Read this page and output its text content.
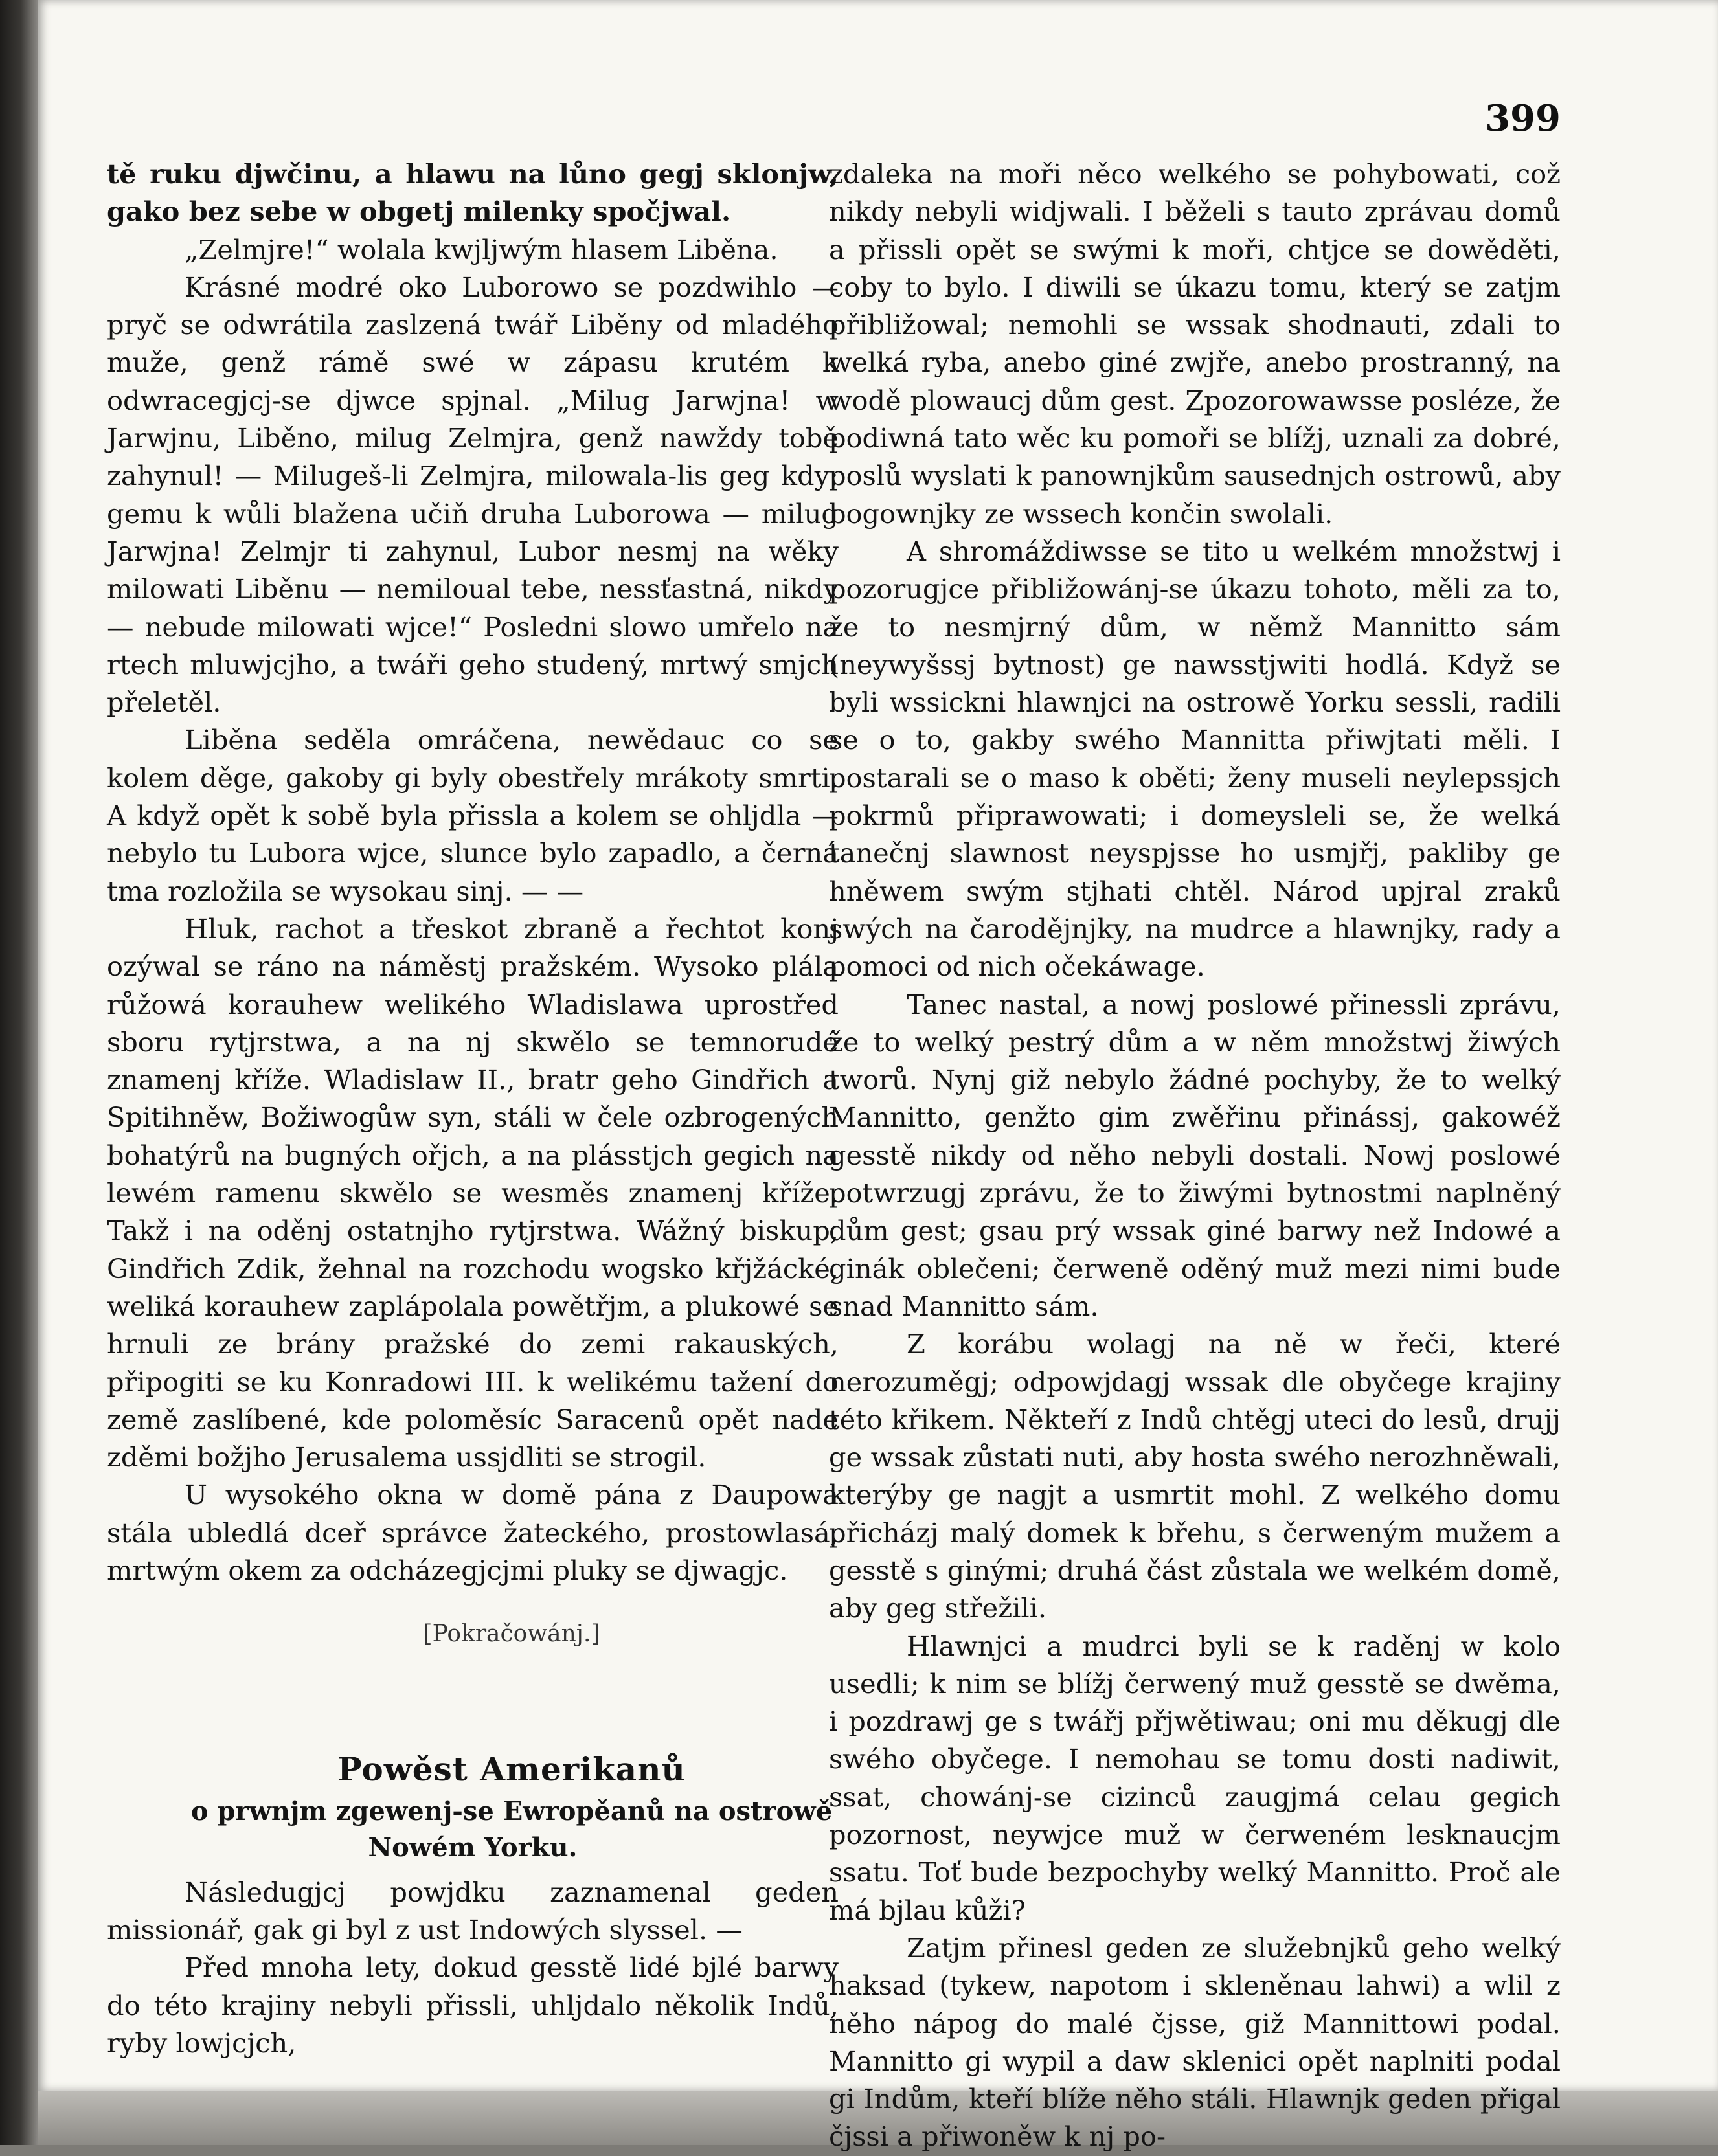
399

tě ruku djwčinu, a hlawu na lůno gegj sklonjw, gako bez sebe w obgetj milenky spočjwal.

„Zelmjre!“ wolala kwjljwým hlasem Liběna.

Krásné modré oko Luborowo se pozdwihlo — pryč se odwrátila zaslzená twář Liběny od mladého muže, genž rámě swé w zápasu krutém k odwracegjcj-se djwce spjnal. „Milug Jarwjna! w Jarwjnu, Liběno, milug Zelmjra, genž nawždy tobě zahynul! — Milugeš-li Zelmjra, milowala-lis geg kdy: gemu k wůli blažena učiň druha Luborowa — milug Jarwjna! Zelmjr ti zahynul, Lubor nesmj na wěky milowati Liběnu — nemiloual tebe, nessťastná, nikdy — nebude milowati wjce!“ Posledni slowo umřelo na rtech mluwjcjho, a twáři geho studený, mrtwý smjch přeletěl.

Liběna seděla omráčena, newědauc co se kolem děge, gakoby gi byly obestřely mrákoty smrti. A když opět k sobě byla přissla a kolem se ohljdla — nebylo tu Lubora wjce, slunce bylo zapadlo, a černá tma rozložila se wysokau sinj. — —

Hluk, rachot a třeskot zbraně a řechtot konj ozýwal se ráno na náměstj pražském. Wysoko plála růžowá korauhew welikého Wladislawa uprostřed sboru rytjrstwa, a na nj skwělo se temnorudé znamenj kříže. Wladislaw II., bratr geho Gindřich a Spitihněw, Božiwogůw syn, stáli w čele ozbrogených bohatýrů na bugných ořjch, a na plásstjch gegich na lewém ramenu skwělo se wesměs znamenj kříže. Takž i na oděnj ostatnjho rytjrstwa. Wážný biskup, Gindřich Zdik, žehnal na rozchodu wogsko křjžácké, weliká korauhew zaplápolala powětřjm, a plukowé se hrnuli ze brány pražské do zemi rakauských, připogiti se ku Konradowi III. k welikému tažení do země zaslíbené, kde poloměsíc Saracenů opět nade zděmi božjho Jerusalema ussjdliti se strogil.

U wysokého okna w domě pána z Daupowa stála ubledlá dceř správce žateckého, prostowlasá, mrtwým okem za odcházegjcjmi pluky se djwagjc.

[Pokračowánj.]

Powěst Amerikanů

o prwnjm zgewenj-se Ewropěanů na ostrowě Nowém Yorku.

Následugjcj powjdku zaznamenal geden missionář, gak gi byl z ust Indowých slyssel. —

Před mnoha lety, dokud gesstě lidé bjlé barwy do této krajiny nebyli přissli, uhljdalo několik Indů, ryby lowjcjch,

zdaleka na moři něco welkého se pohybowati, což nikdy nebyli widjwali. I běželi s tauto zprávau domů a přissli opět se swými k moři, chtjce se dowěděti, coby to bylo. I diwili se úkazu tomu, který se zatjm přibližowal; nemohli se wssak shodnauti, zdali to welká ryba, anebo giné zwjře, anebo prostranný, na wodě plowaucj dům gest. Zpozorowawsse posléze, že podiwná tato wěc ku pomoři se blížj, uznali za dobré, poslů wyslati k panownjkům sausednjch ostrowů, aby bogownjky ze wssech končin swolali.

A shromáždiwsse se tito u welkém množstwj i pozorugjce přibližowánj-se úkazu tohoto, měli za to, že to nesmjrný dům, w němž Mannitto sám (neywyšssj bytnost) ge nawsstjwiti hodlá. Když se byli wssickni hlawnjci na ostrowě Yorku sessli, radili se o to, gakby swého Mannitta přiwjtati měli. I postarali se o maso k oběti; ženy museli neylepssjch pokrmů připrawowati; i domeysleli se, že welká tanečnj slawnost neyspjsse ho usmjřj, pakliby ge hněwem swým stjhati chtěl. Národ upjral zraků swých na čarodějnjky, na mudrce a hlawnjky, rady a pomoci od nich očekáwage.

Tanec nastal, a nowj poslowé přinessli zprávu, že to welký pestrý dům a w něm množstwj žiwých tworů. Nynj giž nebylo žádné pochyby, že to welký Mannitto, genžto gim zwěřinu přinássj, gakowéž gesstě nikdy od něho nebyli dostali. Nowj poslowé potwrzugj zprávu, že to žiwými bytnostmi naplněný dům gest; gsau prý wssak giné barwy než Indowé a ginák oblečeni; čerweně oděný muž mezi nimi bude snad Mannitto sám.

Z korábu wolagj na ně w řeči, které nerozuměgj; odpowjdagj wssak dle obyčege krajiny této křikem. Někteří z Indů chtěgj uteci do lesů, drujj ge wssak zůstati nuti, aby hosta swého nerozhněwali, kterýby ge nagjt a usmrtit mohl. Z welkého domu přicházj malý domek k břehu, s čerweným mužem a gesstě s ginými; druhá část zůstala we welkém domě, aby geg střežili.

Hlawnjci a mudrci byli se k raděnj w kolo usedli; k nim se blížj čerwený muž gesstě se dwěma, i pozdrawj ge s twářj přjwětiwau; oni mu děkugj dle swého obyčege. I nemohau se tomu dosti nadiwit, ssat, chowánj-se cizinců zaugjmá celau gegich pozornost, neywjce muž w čerweném lesknaucjm ssatu. Toť bude bezpochyby welký Mannitto. Proč ale má bjlau kůži?

Zatjm přinesl geden ze služebnjků geho welký haksad (tykew, napotom i skleněnau lahwi) a wlil z něho nápog do malé čjsse, giž Mannittowi podal. Mannitto gi wypil a daw sklenici opět naplniti podal gi Indům, kteří blíže něho stáli. Hlawnjk geden přigal čjssi a přiwoněw k nj po-
